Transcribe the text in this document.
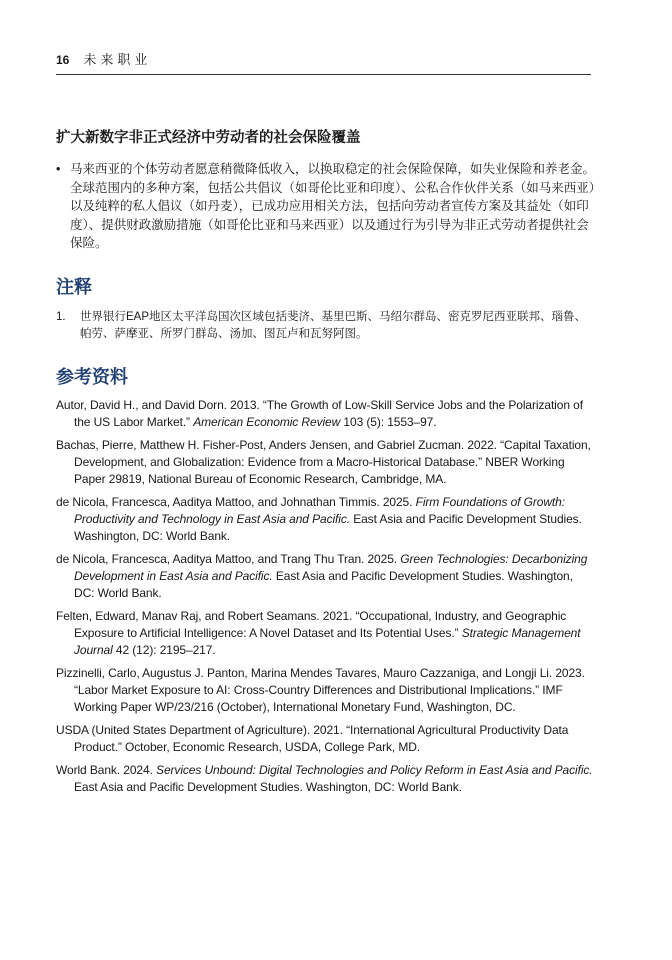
16 未来职业
扩大新数字非正式经济中劳动者的社会保险覆盖
• 马来西亚的个体劳动者愿意稍微降低收入，以换取稳定的社会保险保障，如失业保险和养老金。全球范围内的多种方案，包括公共倡议（如哥伦比亚和印度）、公私合作伙伴关系（如马来西亚）以及纯粹的私人倡议（如丹麦），已成功应用相关方法，包括向劳动者宣传方案及其益处（如印度）、提供财政激励措施（如哥伦比亚和马来西亚）以及通过行为引导为非正式劳动者提供社会保险。
注释
1. 世界银行EAP地区太平洋岛国次区域包括斐济、基里巴斯、马绍尔群岛、密克罗尼西亚联邦、瑙鲁、帕劳、萨摩亚、所罗门群岛、汤加、图瓦卢和瓦努阿图。
参考资料

Autor, David H., and David Dorn. 2013. “The Growth of Low-Skill Service Jobs and the Polarization of the US Labor Market.” American Economic Review 103 (5): 1553–97.

Bachas, Pierre, Matthew H. Fisher-Post, Anders Jensen, and Gabriel Zucman. 2022. “Capital Taxation, Development, and Globalization: Evidence from a Macro-Historical Database.” NBER Working Paper 29819, National Bureau of Economic Research, Cambridge, MA.

de Nicola, Francesca, Aaditya Mattoo, and Johnathan Timmis. 2025. Firm Foundations of Growth: Productivity and Technology in East Asia and Pacific. East Asia and Pacific Development Studies. Washington, DC: World Bank.

de Nicola, Francesca, Aaditya Mattoo, and Trang Thu Tran. 2025. Green Technologies: Decarbonizing Development in East Asia and Pacific. East Asia and Pacific Development Studies. Washington, DC: World Bank.

Felten, Edward, Manav Raj, and Robert Seamans. 2021. “Occupational, Industry, and Geographic Exposure to Artificial Intelligence: A Novel Dataset and Its Potential Uses.” Strategic Management Journal 42 (12): 2195–217.

Pizzinelli, Carlo, Augustus J. Panton, Marina Mendes Tavares, Mauro Cazzaniga, and Longji Li. 2023. “Labor Market Exposure to AI: Cross-Country Differences and Distributional Implications.” IMF Working Paper WP/23/216 (October), International Monetary Fund, Washington, DC.

USDA (United States Department of Agriculture). 2021. “International Agricultural Productivity Data Product.” October, Economic Research, USDA, College Park, MD.

World Bank. 2024. Services Unbound: Digital Technologies and Policy Reform in East Asia and Pacific. East Asia and Pacific Development Studies. Washington, DC: World Bank.
